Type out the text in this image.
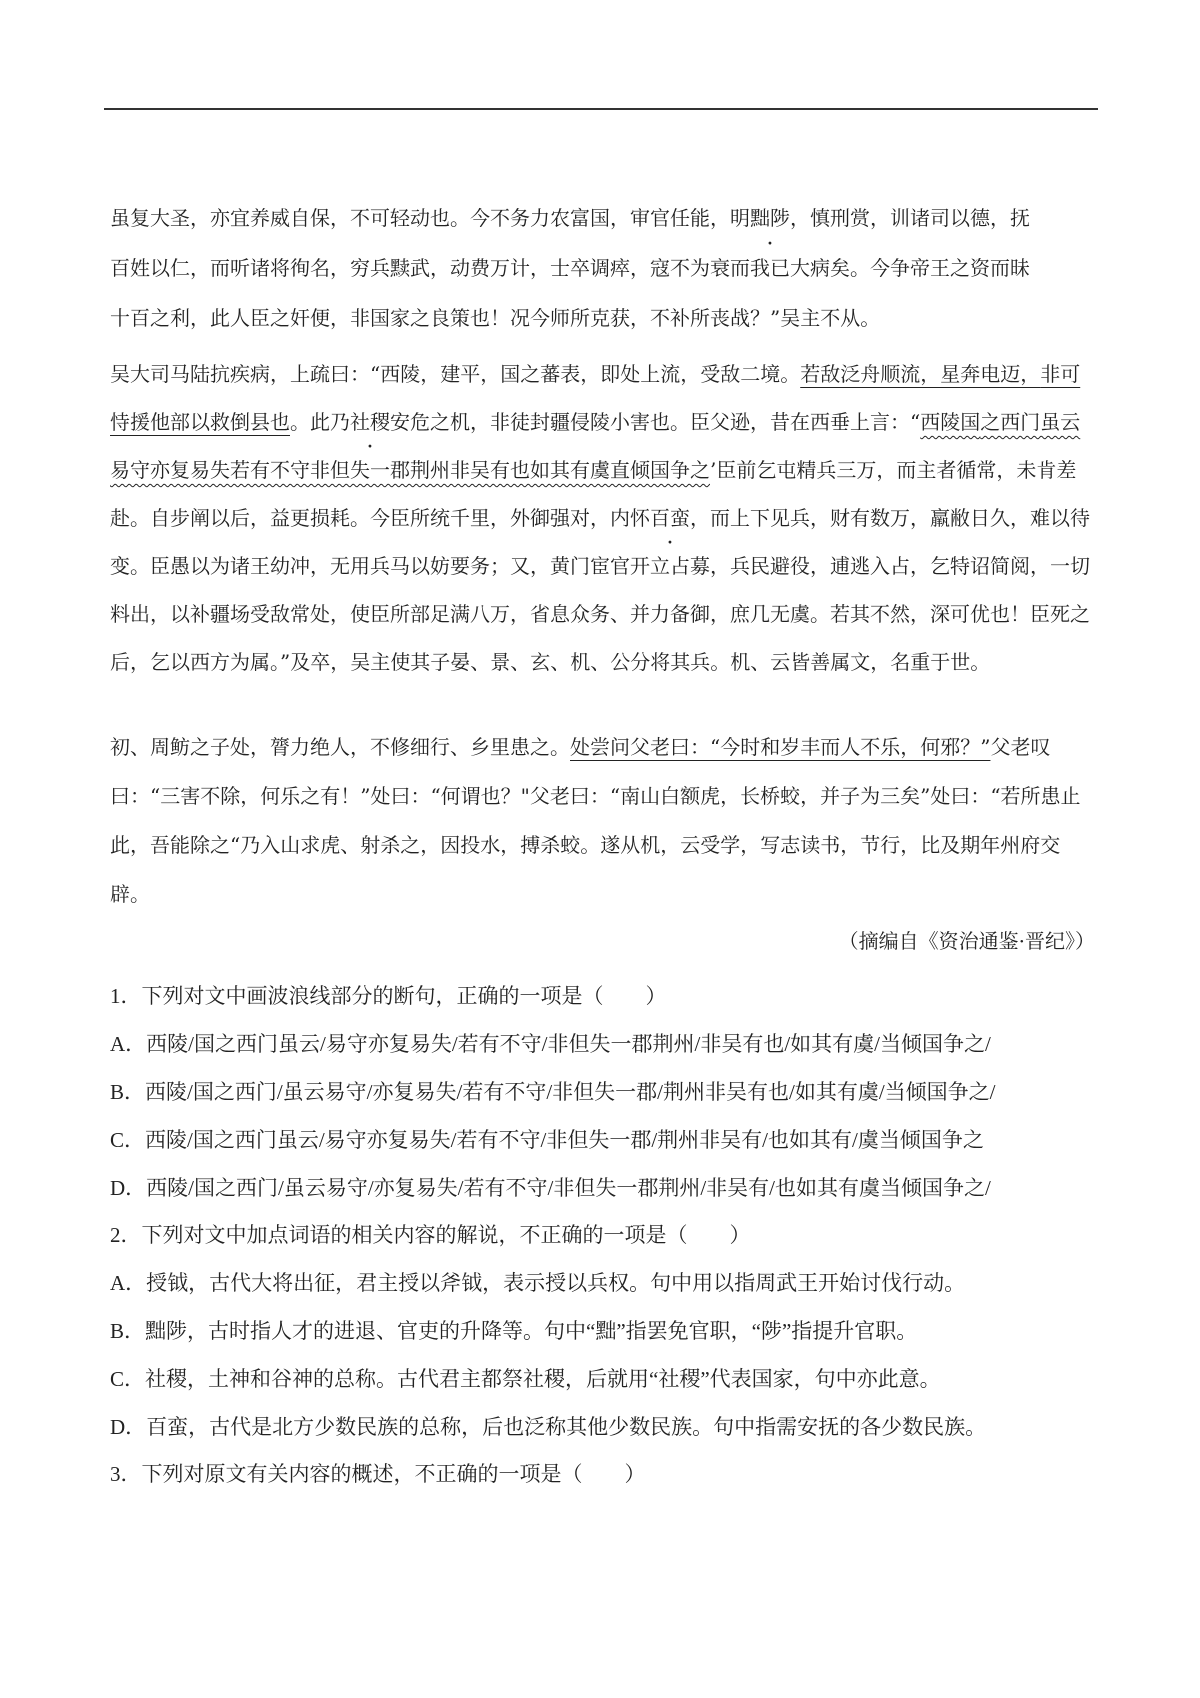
虽复大圣，亦宜养威自保，不可轻动也。今不务力农富国，审官任能，明黜陟，慎刑赏，训诸司以德，抚

百姓以仁，而听诸将徇名，穷兵黩武，动费万计，士卒调瘁，寇不为衰而我已大病矣。今争帝王之资而昧

十百之利，此人臣之奸便，非国家之良策也！况今师所克获，不补所丧战？”吴主不从。

吴大司马陆抗疾病，上疏曰：“西陵，建平，国之蕃表，即处上流，受敌二境。若敌泛舟顺流，星奔电迈，非可恃援他部以救倒县也。此乃社稷安危之机，非徒封疆侵陵小害也。臣父逊，昔在西垂上言：“西陵国之西门虽云易守亦复易失若有不守非但失一郡荆州非吴有也如其有虞直倾国争之’臣前乞屯精兵三万，而主者循常，未肯差赴。自步阐以后，益更损耗。今臣所统千里，外御强对，内怀百蛮，而上下见兵，财有数万，羸敝日久，难以待变。臣愚以为诸王幼冲，无用兵马以妨要务；又，黄门宦官开立占募，兵民避役，逋逃入占，乞特诏简阅，一切料出，以补疆场受敌常处，使臣所部足满八万，省息众务、并力备御，庶几无虞。若其不然，深可优也！臣死之后，乞以西方为属。”及卒，吴主使其子晏、景、玄、机、公分将其兵。机、云皆善属文，名重于世。

初、周鲂之子处，膂力绝人，不修细行、乡里患之。处尝问父老曰：“今时和岁丰而人不乐，何邪？”父老叹曰：“三害不除，何乐之有！”处曰：“何谓也？"父老曰：“南山白额虎，长桥蛟，并子为三矣”处曰：“若所患止此，吾能除之“乃入山求虎、射杀之，因投水，搏杀蛟。遂从机，云受学，写志读书，节行，比及期年州府交辟。

（摘编自《资治通鉴·晋纪》）
1．下列对文中画波浪线部分的断句，正确的一项是（　　）
A．西陵/国之西门虽云/易守亦复易失/若有不守/非但失一郡荆州/非吴有也/如其有虞/当倾国争之/
B．西陵/国之西门/虽云易守/亦复易失/若有不守/非但失一郡/荆州非吴有也/如其有虞/当倾国争之/
C．西陵/国之西门虽云/易守亦复易失/若有不守/非但失一郡/荆州非吴有/也如其有/虞当倾国争之
D．西陵/国之西门/虽云易守/亦复易失/若有不守/非但失一郡荆州/非吴有/也如其有虞当倾国争之/
2．下列对文中加点词语的相关内容的解说，不正确的一项是（　　）
A．授钺，古代大将出征，君主授以斧钺，表示授以兵权。句中用以指周武王开始讨伐行动。
B．黜陟，古时指人才的进退、官吏的升降等。句中“黜”指罢免官职，“陟”指提升官职。
C．社稷，土神和谷神的总称。古代君主都祭社稷，后就用“社稷”代表国家，句中亦此意。
D．百蛮，古代是北方少数民族的总称，后也泛称其他少数民族。句中指需安抚的各少数民族。
3．下列对原文有关内容的概述，不正确的一项是（　　）
